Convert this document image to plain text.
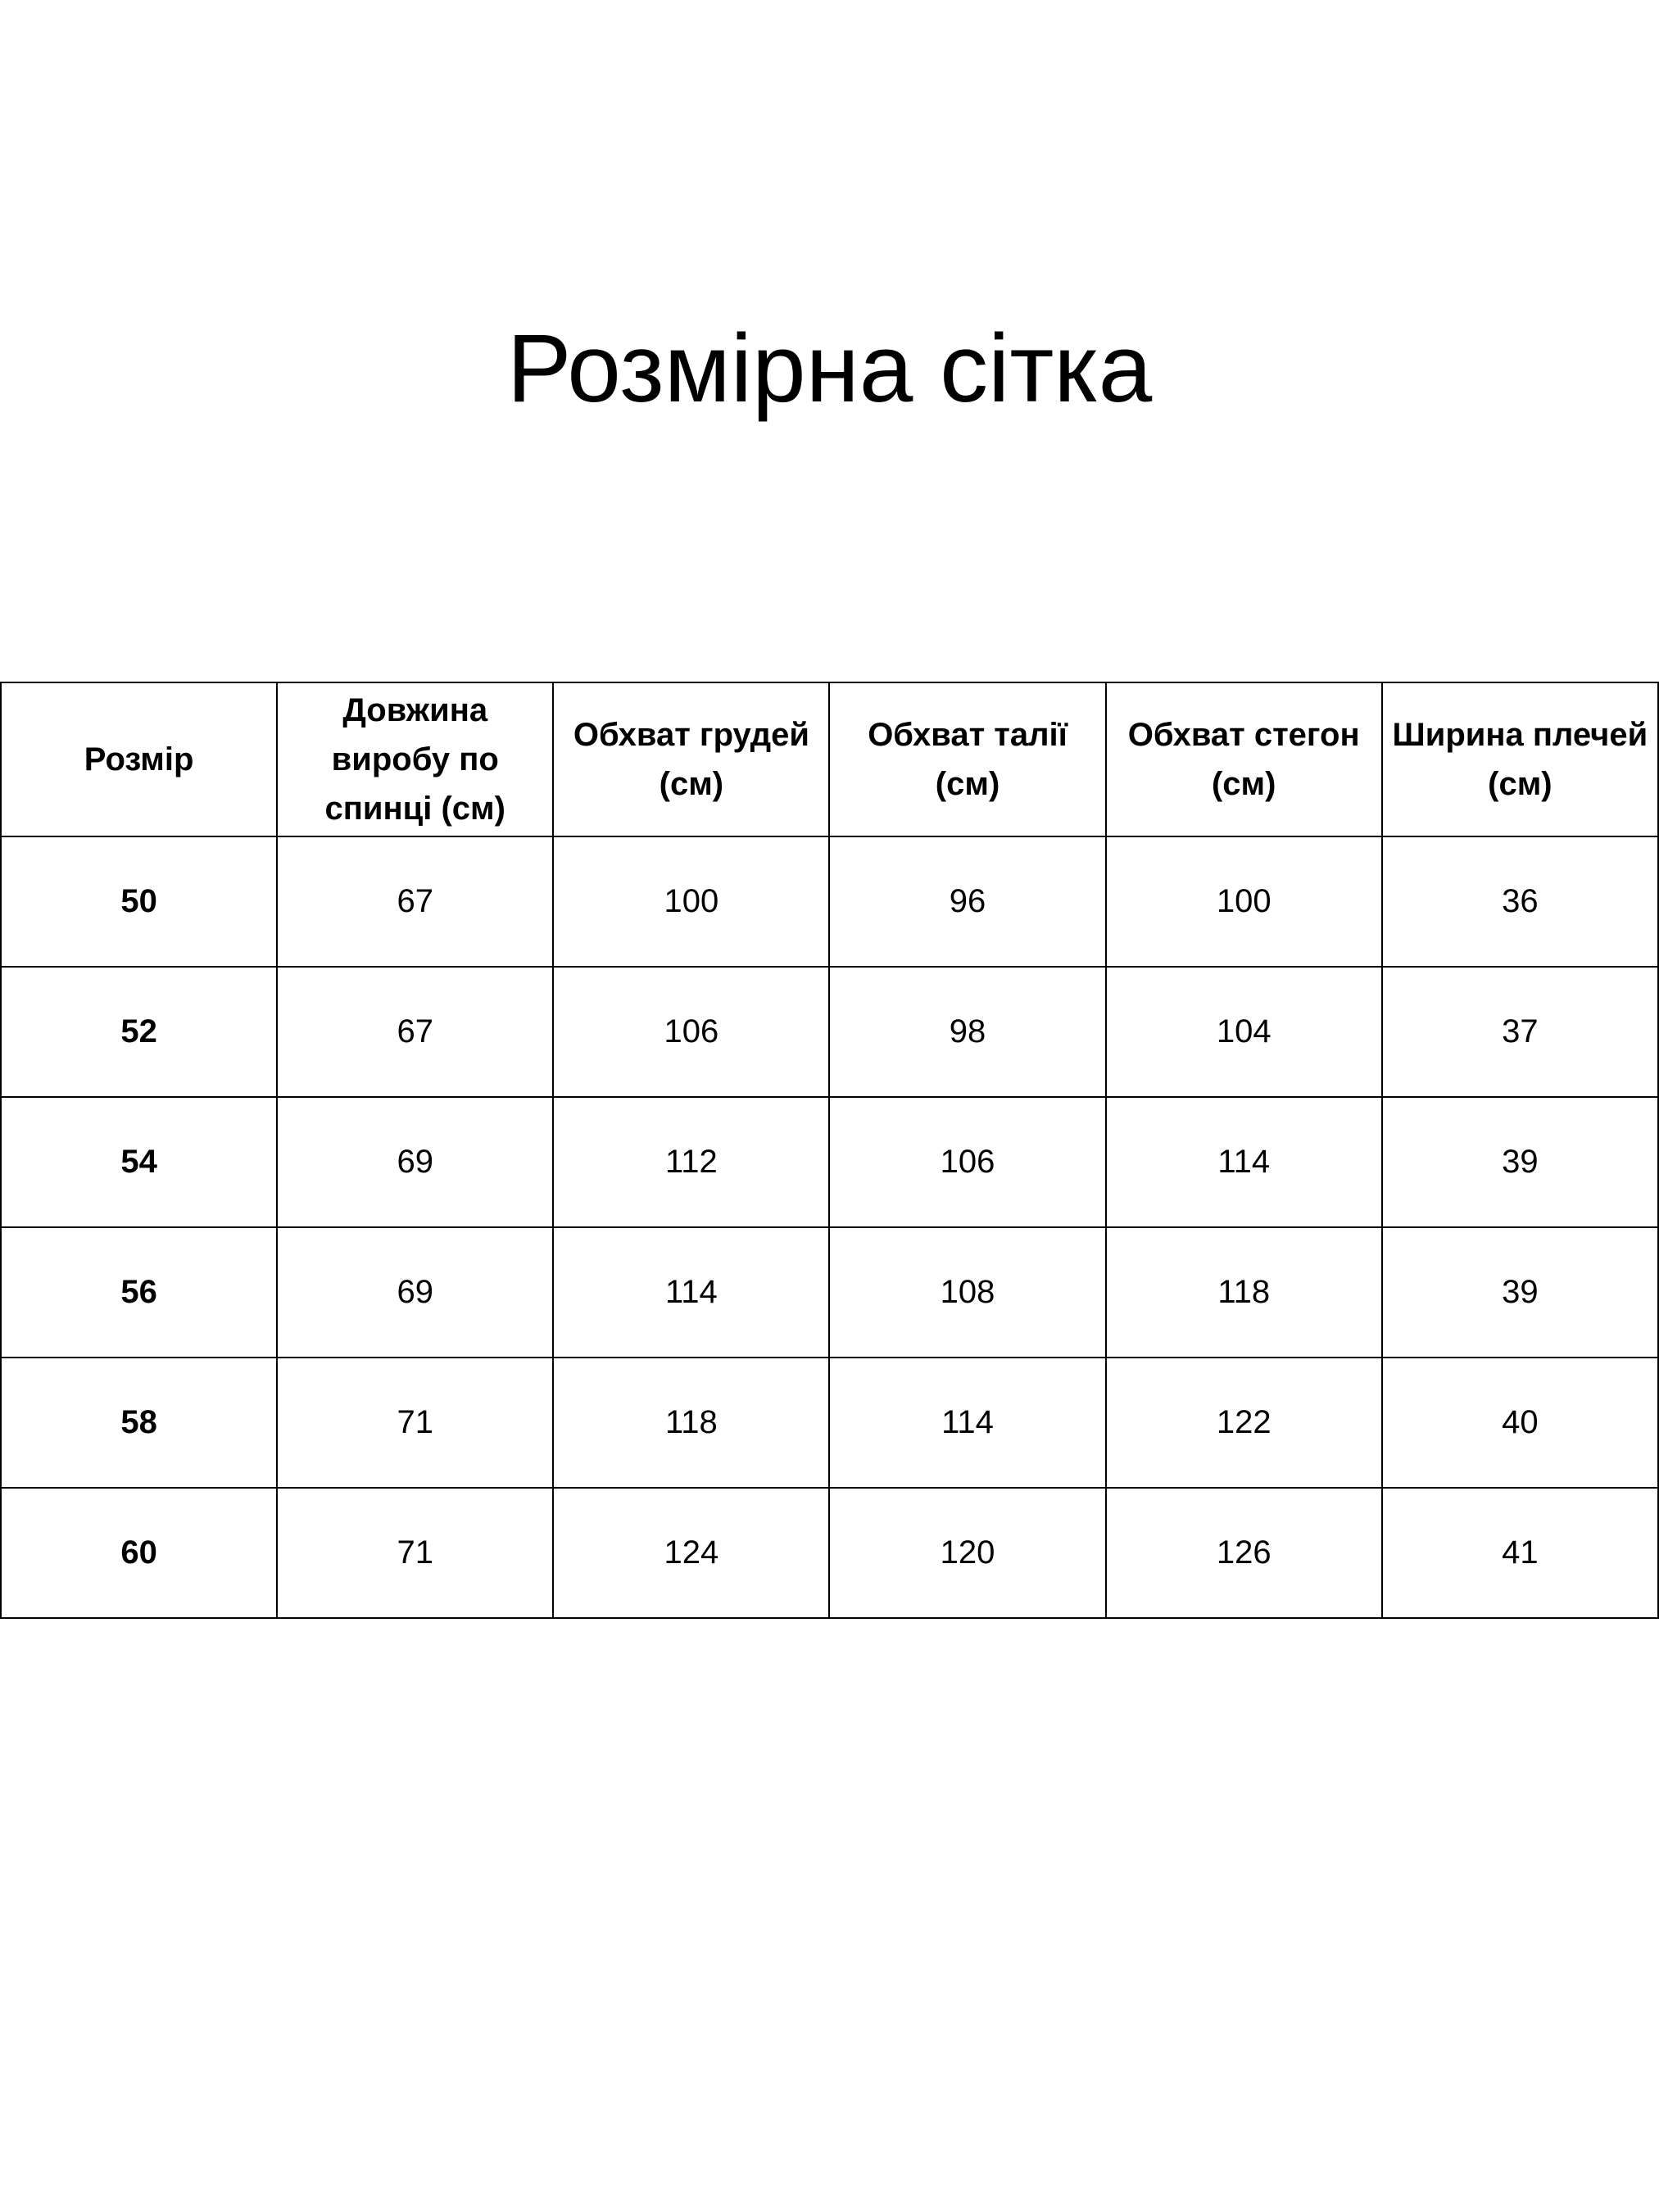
Розмірна сітка
Розмір	Довжина виробу по спинці (см)	Обхват грудей (см)	Обхват талії (см)	Обхват стегон (см)	Ширина плечей (см)
50	67	100	96	100	36
52	67	106	98	104	37
54	69	112	106	114	39
56	69	114	108	118	39
58	71	118	114	122	40
60	71	124	120	126	41
